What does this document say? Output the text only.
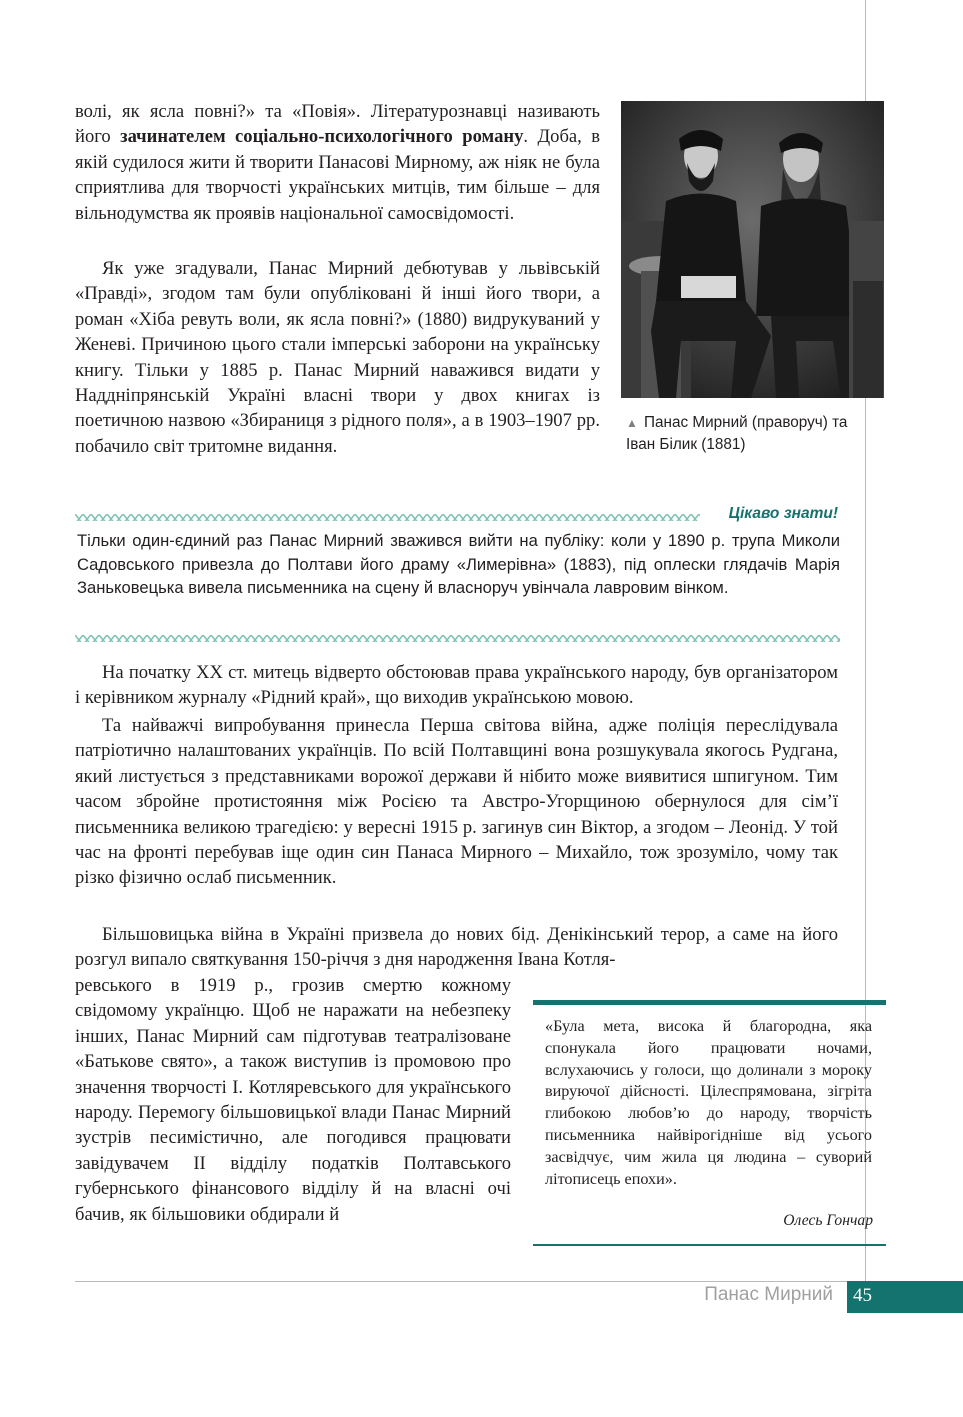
волі, як ясла повні?» та «Повія». Літературознавці називають його зачинателем соціально-психологічного роману. Доба, в якій судилося жити й творити Панасові Мирному, аж ніяк не була сприятлива для творчості українських митців, тим більше – для вільнодумства як проявів національної самосвідомості.

Як уже згадували, Панас Мирний дебютував у львівській «Правді», згодом там були опубліковані й інші його твори, а роман «Хіба ревуть воли, як ясла повні?» (1880) видрукуваний у Женеві. Причиною цього стали імперські заборони на українську книгу. Тільки у 1885 р. Панас Мирний наважився видати у Наддніпрянській Україні власні твори у двох книгах із поетичною назвою «Збираниця з рідного поля», а в 1903–1907 рр. побачило світ тритомне видання.

▲ Панас Мирний (праворуч) та Іван Білик (1881)
Цікаво знати!

Тільки один-єдиний раз Панас Мирний зважився вийти на публіку: коли у 1890 р. трупа Миколи Садовського привезла до Полтави його драму «Лимерівна» (1883), під оплески глядачів Марія Заньковецька вивела письменника на сцену й власноруч увінчала лавровим вінком.

На початку XX ст. митець відверто обстоював права українського народу, був організатором і керівником журналу «Рідний край», що виходив українською мовою.

Та найважчі випробування принесла Перша світова війна, адже поліція переслідувала патріотично налаштованих українців. По всій Полтавщині вона розшукувала якогось Рудгана, який листується з представниками ворожої держави й нібито може виявитися шпигуном. Тим часом збройне протистояння між Росією та Австро-Угорщиною обернулося для сім’ї письменника великою трагедією: у вересні 1915 р. загинув син Віктор, а згодом – Леонід. У той час на фронті перебував іще один син Панаса Мирного – Михайло, тож зрозуміло, чому так різко фізично ослаб письменник.

Більшовицька війна в Україні призвела до нових бід. Денікінський терор, а саме на його розгул випало святкування 150-річчя з дня народження Івана Котля-

ревського в 1919 р., грозив смертю кожному свідомому українцю. Щоб не наражати на небезпеку інших, Панас Мирний сам підготував театралізоване «Батькове свято», а також виступив із промовою про значення творчості І. Котляревського для українського народу. Перемогу більшовицької влади Панас Мирний зустрів песимістично, але погодився працювати завідувачем II відділу податків Полтавського губернського фінансового відділу й на власні очі бачив, як більшовики обдирали й

«Була мета, висока й благородна, яка спонукала його працювати ночами, вслухаючись у голоси, що долинали з мороку вируючої дійсності. Цілеспрямована, зігріта глибокою любов’ю до народу, творчість письменника найвірогідніше від усього засвідчує, чим жила ця людина – суворий літописець епохи».

Олесь Гончар
Панас Мирний 45
